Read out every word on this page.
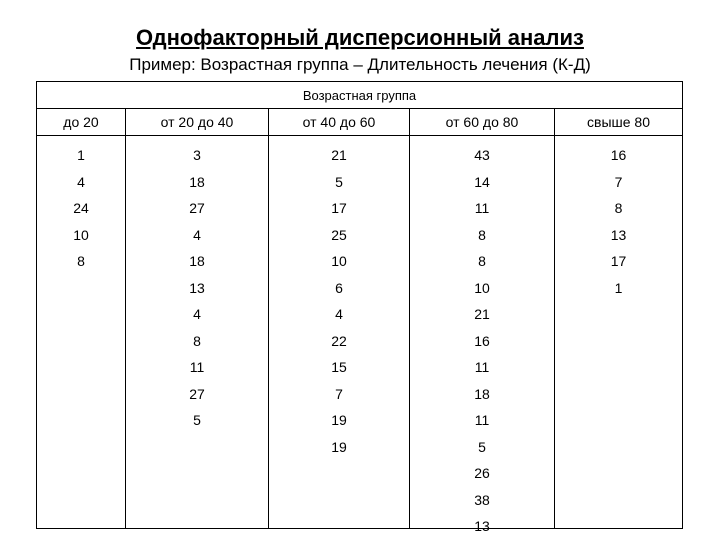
Однофакторный дисперсионный анализ
Пример: Возрастная группа – Длительность лечения (К-Д)
Возрастная группа
до 20
1
4
24
10
8
от 20 до 40
3
18
27
4
18
13
4
8
11
27
5
от 40 до 60
21
5
17
25
10
6
4
22
15
7
19
19
от 60 до 80
43
14
11
8
8
10
21
16
11
18
11
5
26
38
13
свыше 80
16
7
8
13
17
1
